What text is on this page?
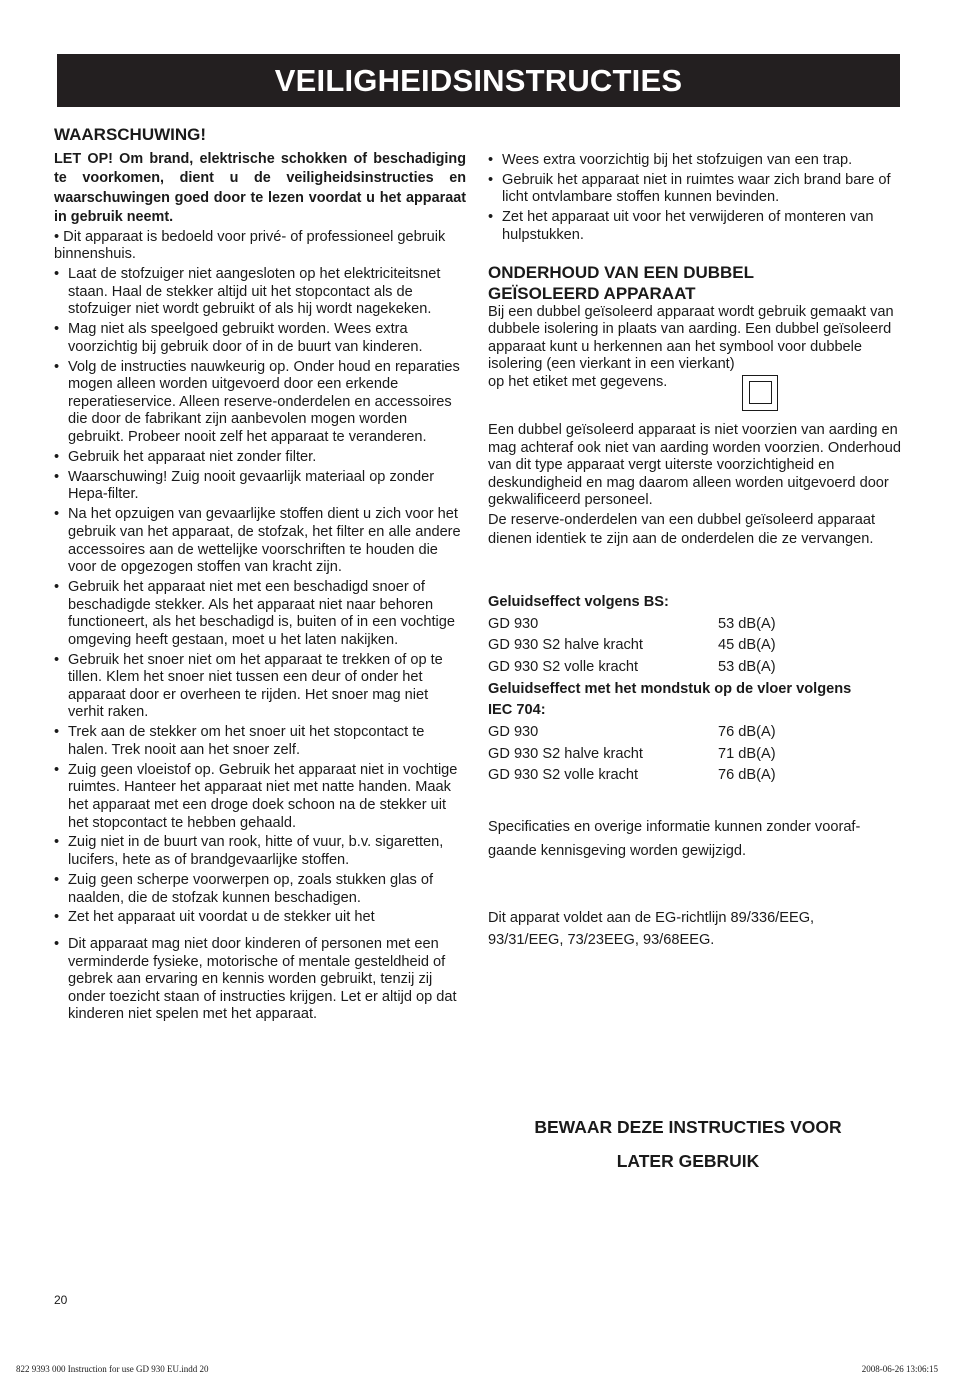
VEILIGHEIDSINSTRUCTIES

WAARSCHUWING!

LET OP! Om brand, elektrische schokken of beschadiging te voorkomen, dient u de veiligheidsinstructies en waarschuwingen goed door te lezen voordat u het apparaat in gebruik neemt.

• Dit apparaat is bedoeld voor privé- of professioneel gebruik binnenshuis.
• Laat de stofzuiger niet aangesloten op het elektriciteitsnet staan. Haal de stekker altijd uit het stopcontact als de stofzuiger niet wordt gebruikt of als hij wordt nagekeken.
• Mag niet als speelgoed gebruikt worden. Wees extra voorzichtig bij gebruik door of in de buurt van kinderen.
• Volg de instructies nauwkeurig op. Onder houd en reparaties mogen alleen worden uitgevoerd door een erkende reperatieservice. Alleen reserve-onderdelen en accessoires die door de fabrikant zijn aanbevolen mogen worden gebruikt. Probeer nooit zelf het apparaat te veranderen.
• Gebruik het apparaat niet zonder filter.
• Waarschuwing! Zuig nooit gevaarlijk materiaal op zonder Hepa-filter.
• Na het opzuigen van gevaarlijke stoffen dient u zich voor het gebruik van het apparaat, de stofzak, het filter en alle andere accessoires aan de wettelijke voorschriften te houden die voor de opgezogen stoffen van kracht zijn.
• Gebruik het apparaat niet met een beschadigd snoer of beschadigde stekker. Als het apparaat niet naar behoren functioneert, als het beschadigd is, buiten of in een vochtige omgeving heeft gestaan, moet u het laten nakijken.
• Gebruik het snoer niet om het apparaat te trekken of op te tillen. Klem het snoer niet tussen een deur of onder het apparaat door er overheen te rijden. Het snoer mag niet verhit raken.
• Trek aan de stekker om het snoer uit het stopcontact te halen. Trek nooit aan het snoer zelf.
• Zuig geen vloeistof op. Gebruik het apparaat niet in vochtige ruimtes. Hanteer het apparaat niet met natte handen. Maak het apparaat met een droge doek schoon na de stekker uit het stopcontact te hebben gehaald.
• Zuig niet in de buurt van rook, hitte of vuur, b.v. sigaretten, lucifers, hete as of brandgevaarlijke stoffen.
• Zuig geen scherpe voorwerpen op, zoals stukken glas of naalden, die de stofzak kunnen beschadigen.
• Zet het apparaat uit voordat u de stekker uit het
• Dit apparaat mag niet door kinderen of personen met een verminderde fysieke, motorische of mentale gesteldheid of gebrek aan ervaring en kennis worden gebruikt, tenzij zij onder toezicht staan of instructies krijgen. Let er altijd op dat kinderen niet spelen met het apparaat.
• Wees extra voorzichtig bij het stofzuigen van een trap.
• Gebruik het apparaat niet in ruimtes waar zich brand bare of licht ontvlambare stoffen kunnen bevinden.
• Zet het apparaat uit voor het verwijderen of monteren van hulpstukken.

ONDERHOUD VAN EEN DUBBEL

GEÏSOLEERD APPARAAT

Bij een dubbel geïsoleerd apparaat wordt gebruik gemaakt van dubbele isolering in plaats van aarding. Een dubbel geïsoleerd apparaat kunt u herkennen aan het symbool voor dubbele isolering (een vierkant in een vierkant)

op het etiket met gegevens.

Een dubbel geïsoleerd apparaat is niet voorzien van aarding en mag achteraf ook niet van aarding worden voorzien. Onderhoud van dit type apparaat vergt uiterste voorzichtigheid en deskundigheid en mag daarom alleen worden uitgevoerd door gekwalificeerd personeel.

De reserve-onderdelen van een dubbel geïsoleerd apparaat dienen identiek te zijn aan de onderdelen die ze vervangen.

Geluidseffect volgens BS:	
GD 930	53 dB(A)
GD 930 S2 halve kracht	45 dB(A)
GD 930 S2 volle kracht	53 dB(A)
Geluidseffect met het mondstuk op de vloer volgens	
IEC 704:	
GD 930	76 dB(A)
GD 930 S2 halve kracht	71 dB(A)
GD 930 S2 volle kracht	76 dB(A)
Specificaties en overige informatie kunnen zonder vooraf-
gaande kennisgeving worden gewijzigd.
Dit apparat voldet aan de EG-richtlijn 89/336/EEG,
93/31/EEG, 73/23EEG, 93/68EEG.
BEWAAR DEZE INSTRUCTIES VOOR
LATER GEBRUIK
20
822 9393 000 Instruction for use GD 930 EU.indd 20	2008-06-26 13:06:15
